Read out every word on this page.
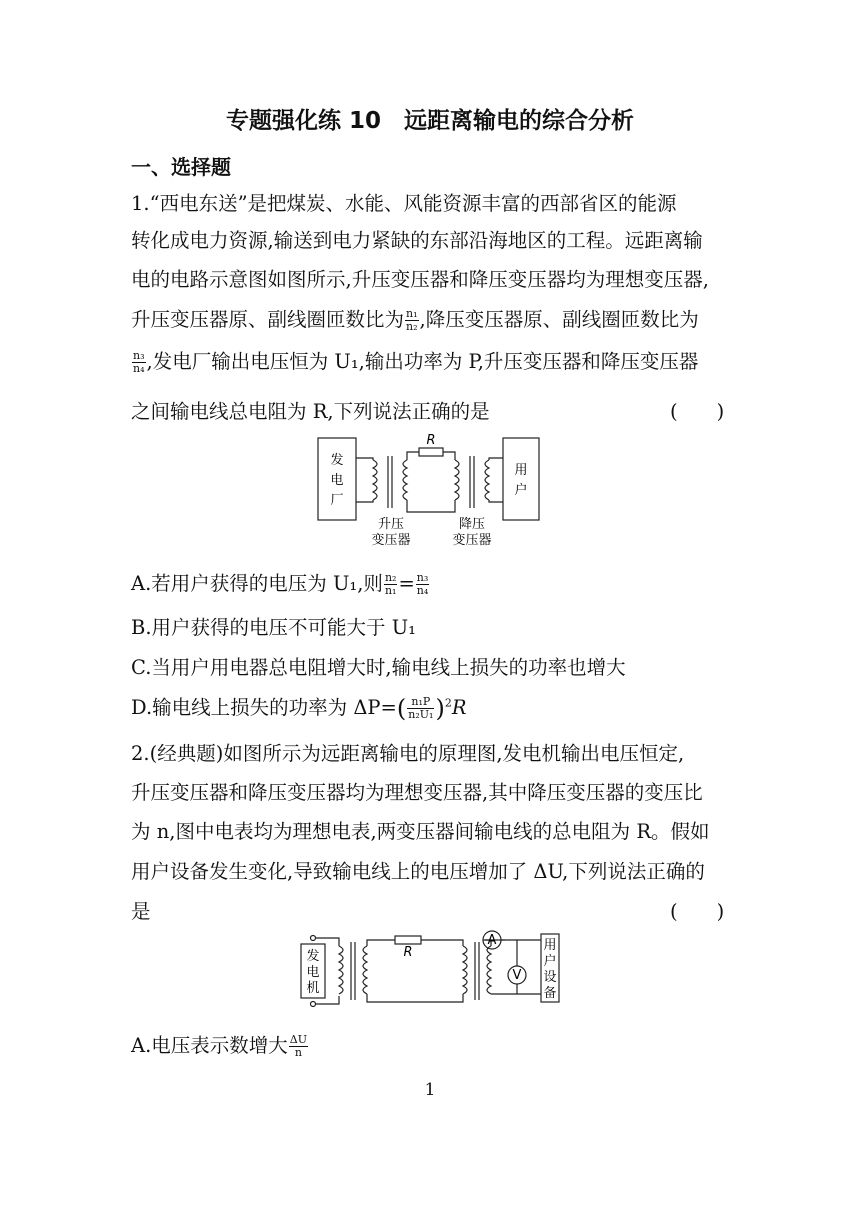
专题强化练 10　远距离输电的综合分析
一、选择题
1.“西电东送”是把煤炭、水能、风能资源丰富的西部省区的能源
转化成电力资源,输送到电力紧缺的东部沿海地区的工程。远距离输
电的电路示意图如图所示,升压变压器和降压变压器均为理想变压器,
升压变压器原、副线圈匝数比为 $\frac{\text{n₁}}{\text{n₂}}$ ,降压变压器原、副线圈匝数比为
$\frac{\text{n₃}}{\text{n₄}}$ ,发电厂输出电压恒为 U₁,输出功率为 P,升压变压器和降压变压器
之间输电线总电阻为 R,下列说法正确的是	(　　)
R
发
电
厂
用
户
升压
变压器
降压
变压器
A.若用户获得的电压为 U₁,则 $\frac{\text{n₂}}{\text{n₁}} = \frac{\text{n₃}}{\text{n₄}}$
B.用户获得的电压不可能大于 U₁
C.当用户用电器总电阻增大时,输电线上损失的功率也增大
D.输电线上损失的功率为 $\Delta P=( \frac{\text{n₁P}}{\text{n₂U₁}} )^2R$
2.(经典题)如图所示为远距离输电的原理图,发电机输出电压恒定,
升压变压器和降压变压器均为理想变压器,其中降压变压器的变压比
为 n,图中电表均为理想电表,两变压器间输电线的总电阻为 R。假如
用户设备发生变化,导致输电线上的电压增加了 ΔU,下列说法正确的
是	(　　)
R
发
电
机
A
V
用
户
设
备
A.电压表示数增大 $\frac{\Delta U}{n}$
1
